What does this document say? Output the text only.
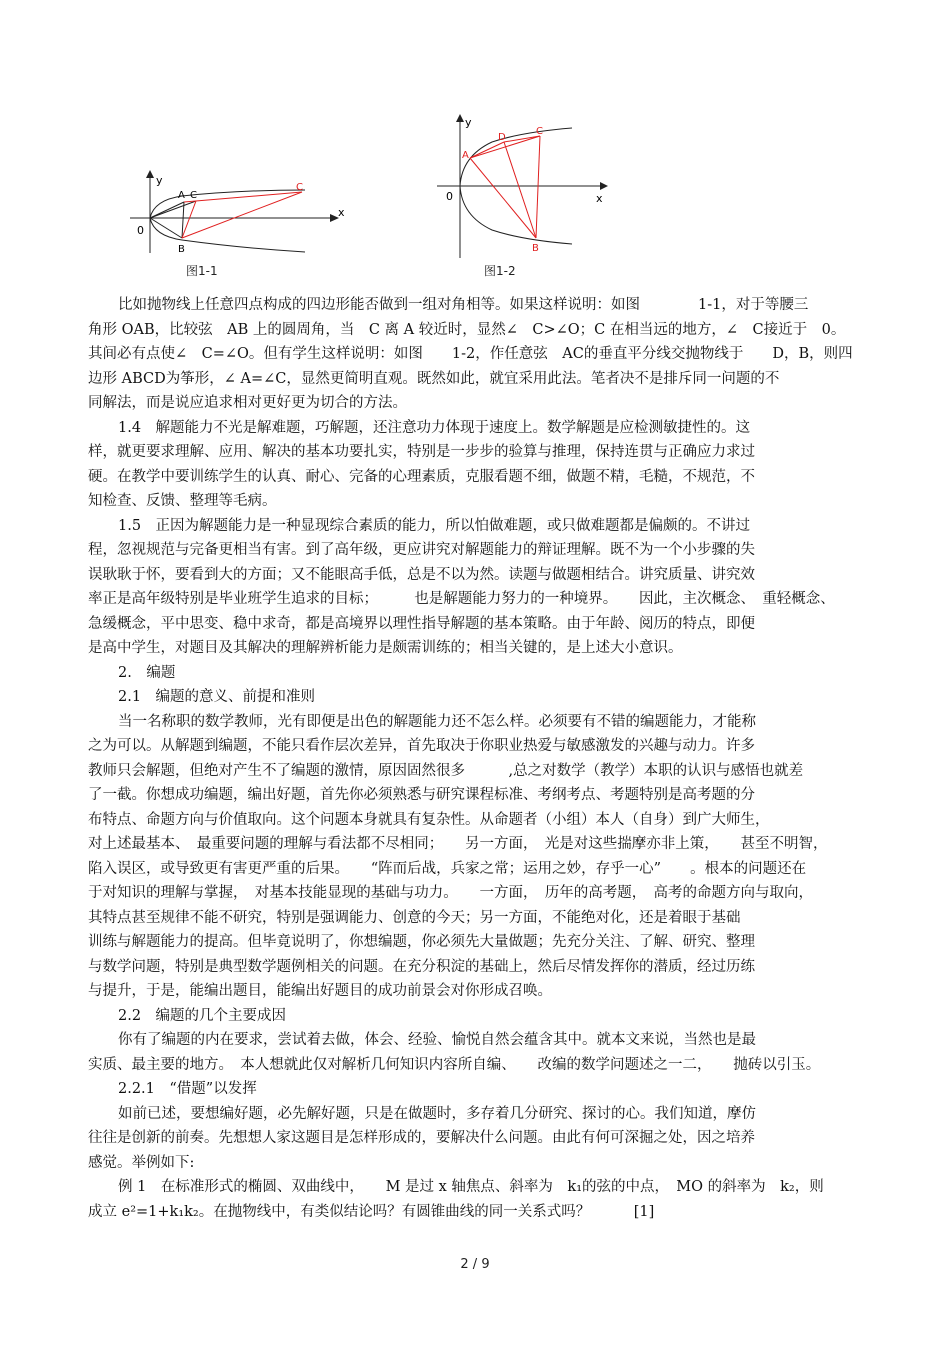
y
x
0
A C
B
C
图1-1
y
x
0
A
D
C
B
图1-2
比如抛物线上任意四点构成的四边形能否做到一组对角相等。如果这样说明：如图　　　　1-1，对于等腰三
角形 OAB，比较弦　AB 上的圆周角，当　C 离 A 较近时，显然∠　C>∠O；C 在相当远的地方，∠　C接近于　0。
其间必有点使∠　C=∠O。但有学生这样说明：如图　　1-2，作任意弦　AC的垂直平分线交抛物线于　　D，B，则四
边形 ABCD为筝形，∠ A=∠C，显然更简明直观。既然如此，就宜采用此法。笔者决不是排斥同一问题的不
同解法，而是说应追求相对更好更为切合的方法。
1.4　解题能力不光是解难题，巧解题，还注意功力体现于速度上。数学解题是应检测敏捷性的。这
样，就更要求理解、应用、解决的基本功要扎实，特别是一步步的验算与推理，保持连贯与正确应力求过
硬。在教学中要训练学生的认真、耐心、完备的心理素质，克服看题不细，做题不精，毛糙，不规范，不
知检查、反馈、整理等毛病。
1.5　正因为解题能力是一种显现综合素质的能力，所以怕做难题，或只做难题都是偏颇的。不讲过
程，忽视规范与完备更相当有害。到了高年级，更应讲究对解题能力的辩证理解。既不为一个小步骤的失
误耿耿于怀，要看到大的方面；又不能眼高手低，总是不以为然。读题与做题相结合。讲究质量、讲究效
率正是高年级特别是毕业班学生追求的目标；　　　也是解题能力努力的一种境界。　　因此，主次概念、　重轻概念、
急缓概念，平中思变、稳中求奇，都是高境界以理性指导解题的基本策略。由于年龄、阅历的特点，即便
是高中学生，对题目及其解决的理解辨析能力是颇需训练的；相当关键的，是上述大小意识。
2.　编题
2.1　编题的意义、前提和准则
当一名称职的数学教师，光有即便是出色的解题能力还不怎么样。必须要有不错的编题能力，才能称
之为可以。从解题到编题，不能只看作层次差异，首先取决于你职业热爱与敏感激发的兴趣与动力。许多
教师只会解题，但绝对产生不了编题的激情，原因固然很多　　　,总之对数学（教学）本职的认识与感悟也就差
了一截。你想成功编题，编出好题，首先你必须熟悉与研究课程标准、考纲考点、考题特别是高考题的分
布特点、命题方向与价值取向。这个问题本身就具有复杂性。从命题者（小组）本人（自身）到广大师生，
对上述最基本、　最重要问题的理解与看法都不尽相同；　　另一方面，　光是对这些揣摩亦非上策，　　甚至不明智，
陷入误区，或导致更有害更严重的后果。　　“阵而后战，兵家之常；运用之妙，存乎一心”　　。根本的问题还在
于对知识的理解与掌握，　对基本技能显现的基础与功力。　　一方面，　历年的高考题，　高考的命题方向与取向，
其特点甚至规律不能不研究，特别是强调能力、创意的今天；另一方面，不能绝对化，还是着眼于基础
训练与解题能力的提高。但毕竟说明了，你想编题，你必须先大量做题；先充分关注、了解、研究、整理
与数学问题，特别是典型数学题例相关的问题。在充分积淀的基础上，然后尽情发挥你的潜质，经过历练
与提升，于是，能编出题目，能编出好题目的成功前景会对你形成召唤。
2.2　编题的几个主要成因
你有了编题的内在要求，尝试着去做，体会、经验、愉悦自然会蕴含其中。就本文来说，当然也是最
实质、最主要的地方。　本人想就此仅对解析几何知识内容所自编、　　改编的数学问题述之一二，　　抛砖以引玉。
2.2.1　“借题”以发挥
如前已述，要想编好题，必先解好题，只是在做题时，多存着几分研究、探讨的心。我们知道，摩仿
往往是创新的前奏。先想想人家这题目是怎样形成的，要解决什么问题。由此有何可深掘之处，因之培养
感觉。举例如下:
例 1　在标准形式的椭圆、双曲线中，　　M 是过 x 轴焦点、斜率为　k₁的弦的中点，　MO 的斜率为　k₂，则
成立 e²=1+k₁k₂。在抛物线中，有类似结论吗？有圆锥曲线的同一关系式吗？　　　[1]
2 / 9
